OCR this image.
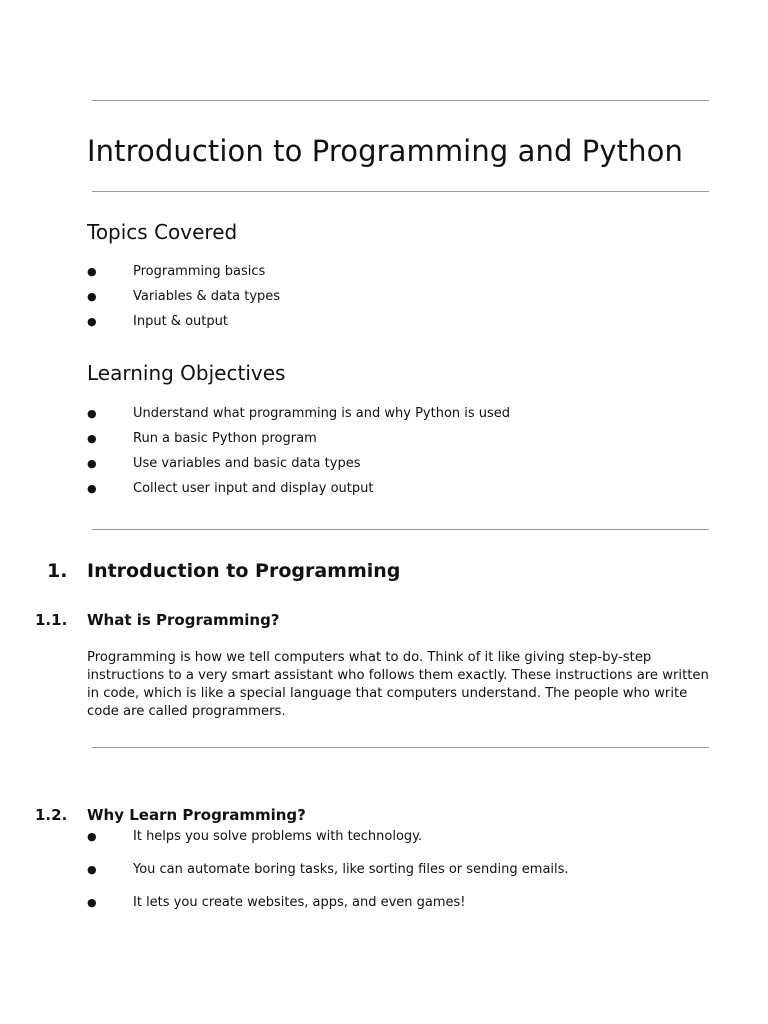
Introduction to Programming and Python
Topics Covered
●	Programming basics
●	Variables & data types
●	Input & output
Learning Objectives
●	Understand what programming is and why Python is used
●	Run a basic Python program
●	Use variables and basic data types
●	Collect user input and display output
1. Introduction to Programming
1.1. What is Programming?

Programming is how we tell computers what to do. Think of it like giving step-by-step instructions to a very smart assistant who follows them exactly. These instructions are written in code, which is like a special language that computers understand. The people who write code are called programmers.

1.2. Why Learn Programming?
●	It helps you solve problems with technology.
●	You can automate boring tasks, like sorting files or sending emails.
●	It lets you create websites, apps, and even games!
